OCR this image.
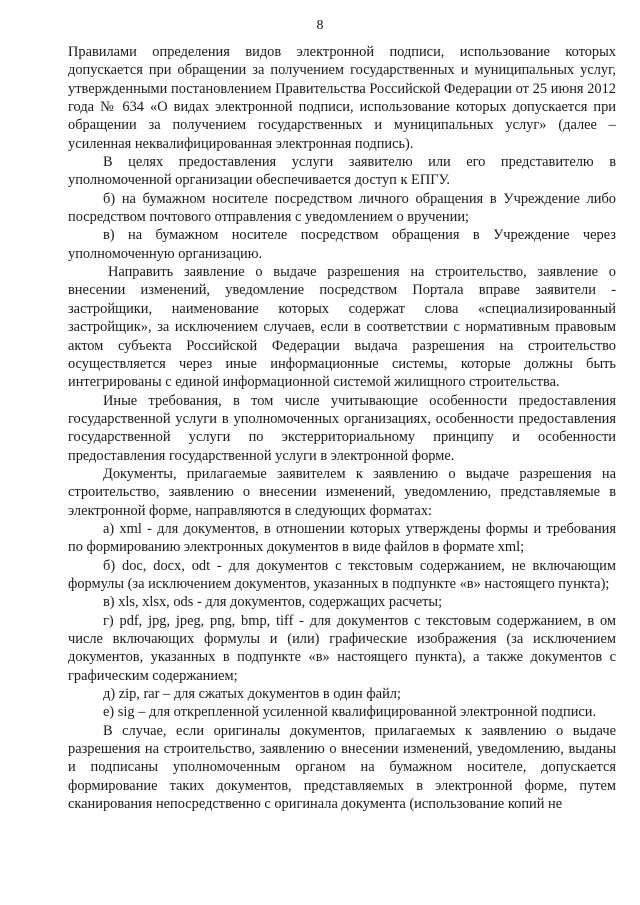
8

Правилами определения видов электронной подписи, использование которых допускается при обращении за получением государственных и муниципальных услуг, утвержденными постановлением Правительства Российской Федерации от 25 июня 2012 года № 634 «О видах электронной подписи, использование которых допускается при обращении за получением государственных и муниципальных услуг» (далее – усиленная неквалифицированная электронная подпись).

В целях предоставления услуги заявителю или его представителю в уполномоченной организации обеспечивается доступ к ЕПГУ.

б) на бумажном носителе посредством личного обращения в Учреждение либо посредством почтового отправления с уведомлением о вручении;

в) на бумажном носителе посредством обращения в Учреждение через уполномоченную организацию.

Направить заявление о выдаче разрешения на строительство, заявление о внесении изменений, уведомление посредством Портала вправе заявители - застройщики, наименование которых содержат слова «специализированный застройщик», за исключением случаев, если в соответствии с нормативным правовым актом субъекта Российской Федерации выдача разрешения на строительство осуществляется через иные информационные системы, которые должны быть интегрированы с единой информационной системой жилищного строительства.

Иные требования, в том числе учитывающие особенности предоставления государственной услуги в уполномоченных организациях, особенности предоставления государственной услуги по экстерриториальному принципу и особенности предоставления государственной услуги в электронной форме.

Документы, прилагаемые заявителем к заявлению о выдаче разрешения на строительство, заявлению о внесении изменений, уведомлению, представляемые в электронной форме, направляются в следующих форматах:

а) xml - для документов, в отношении которых утверждены формы и требования по формированию электронных документов в виде файлов в формате xml;

б) doc, docx, odt - для документов с текстовым содержанием, не включающим формулы (за исключением документов, указанных в подпункте «в» настоящего пункта);

в) xls, xlsx, ods - для документов, содержащих расчеты;

г) pdf, jpg, jpeg, png, bmp, tiff - для документов с текстовым содержанием, в ом числе включающих формулы и (или) графические изображения (за исключением документов, указанных в подпункте «в» настоящего пункта), а также документов с графическим содержанием;

д) zip, rar – для сжатых документов в один файл;

е) sig – для открепленной усиленной квалифицированной электронной подписи.

В случае, если оригиналы документов, прилагаемых к заявлению о выдаче разрешения на строительство, заявлению о внесении изменений, уведомлению, выданы и подписаны уполномоченным органом на бумажном носителе, допускается формирование таких документов, представляемых в электронной форме, путем сканирования непосредственно с оригинала документа (использование копий не
